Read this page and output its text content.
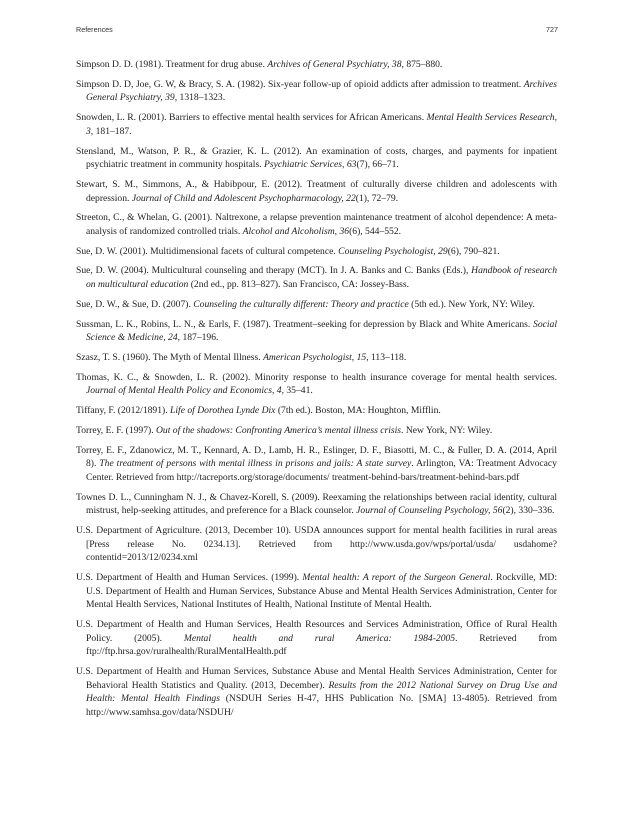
References	727

Simpson D. D. (1981). Treatment for drug abuse. Archives of General Psychiatry, 38, 875–880.

Simpson D. D, Joe, G. W, & Bracy, S. A. (1982). Six-year follow-up of opioid addicts after admission to treatment. Archives General Psychiatry, 39, 1318–1323.

Snowden, L. R. (2001). Barriers to effective mental health services for African Americans. Mental Health Services Research, 3, 181–187.

Stensland, M., Watson, P. R., & Grazier, K. L. (2012). An examination of costs, charges, and payments for inpatient psychiatric treatment in community hospitals. Psychiatric Services, 63(7), 66–71.

Stewart, S. M., Simmons, A., & Habibpour, E. (2012). Treatment of culturally diverse children and adolescents with depression. Journal of Child and Adolescent Psychopharmacology, 22(1), 72–79.

Streeton, C., & Whelan, G. (2001). Naltrexone, a relapse prevention maintenance treatment of alcohol dependence: A meta-analysis of randomized controlled trials. Alcohol and Alcoholism, 36(6), 544–552.

Sue, D. W. (2001). Multidimensional facets of cultural competence. Counseling Psychologist, 29(6), 790–821.

Sue, D. W. (2004). Multicultural counseling and therapy (MCT). In J. A. Banks and C. Banks (Eds.), Handbook of research on multicultural education (2nd ed., pp. 813–827). San Francisco, CA: Jossey-Bass.

Sue, D. W., & Sue, D. (2007). Counseling the culturally different: Theory and practice (5th ed.). New York, NY: Wiley.

Sussman, L. K., Robins, L. N., & Earls, F. (1987). Treatment–seeking for depression by Black and White Americans. Social Science & Medicine, 24, 187–196.

Szasz, T. S. (1960). The Myth of Mental Illness. American Psychologist, 15, 113–118.

Thomas, K. C., & Snowden, L. R. (2002). Minority response to health insurance coverage for mental health services. Journal of Mental Health Policy and Economics, 4, 35–41.

Tiffany, F. (2012/1891). Life of Dorothea Lynde Dix (7th ed.). Boston, MA: Houghton, Mifflin.

Torrey, E. F. (1997). Out of the shadows: Confronting America’s mental illness crisis. New York, NY: Wiley.

Torrey, E. F., Zdanowicz, M. T., Kennard, A. D., Lamb, H. R., Eslinger, D. F., Biasotti, M. C., & Fuller, D. A. (2014, April 8). The treatment of persons with mental illness in prisons and jails: A state survey. Arlington, VA: Treatment Advocacy Center. Retrieved from http://tacreports.org/storage/documents/ treatment-behind-bars/treatment-behind-bars.pdf

Townes D. L., Cunningham N. J., & Chavez-Korell, S. (2009). Reexaming the relationships between racial identity, cultural mistrust, help-seeking attitudes, and preference for a Black counselor. Journal of Counseling Psychology, 56(2), 330–336.

U.S. Department of Agriculture. (2013, December 10). USDA announces support for mental health facilities in rural areas [Press release No. 0234.13]. Retrieved from http://www.usda.gov/wps/portal/usda/ usdahome?contentid=2013/12/0234.xml

U.S. Department of Health and Human Services. (1999). Mental health: A report of the Surgeon General. Rockville, MD: U.S. Department of Health and Human Services, Substance Abuse and Mental Health Services Administration, Center for Mental Health Services, National Institutes of Health, National Institute of Mental Health.

U.S. Department of Health and Human Services, Health Resources and Services Administration, Office of Rural Health Policy. (2005). Mental health and rural America: 1984-2005. Retrieved from ftp://ftp.hrsa.gov/ruralhealth/RuralMentalHealth.pdf

U.S. Department of Health and Human Services, Substance Abuse and Mental Health Services Administration, Center for Behavioral Health Statistics and Quality. (2013, December). Results from the 2012 National Survey on Drug Use and Health: Mental Health Findings (NSDUH Series H-47, HHS Publication No. [SMA] 13-4805). Retrieved from http://www.samhsa.gov/data/NSDUH/
